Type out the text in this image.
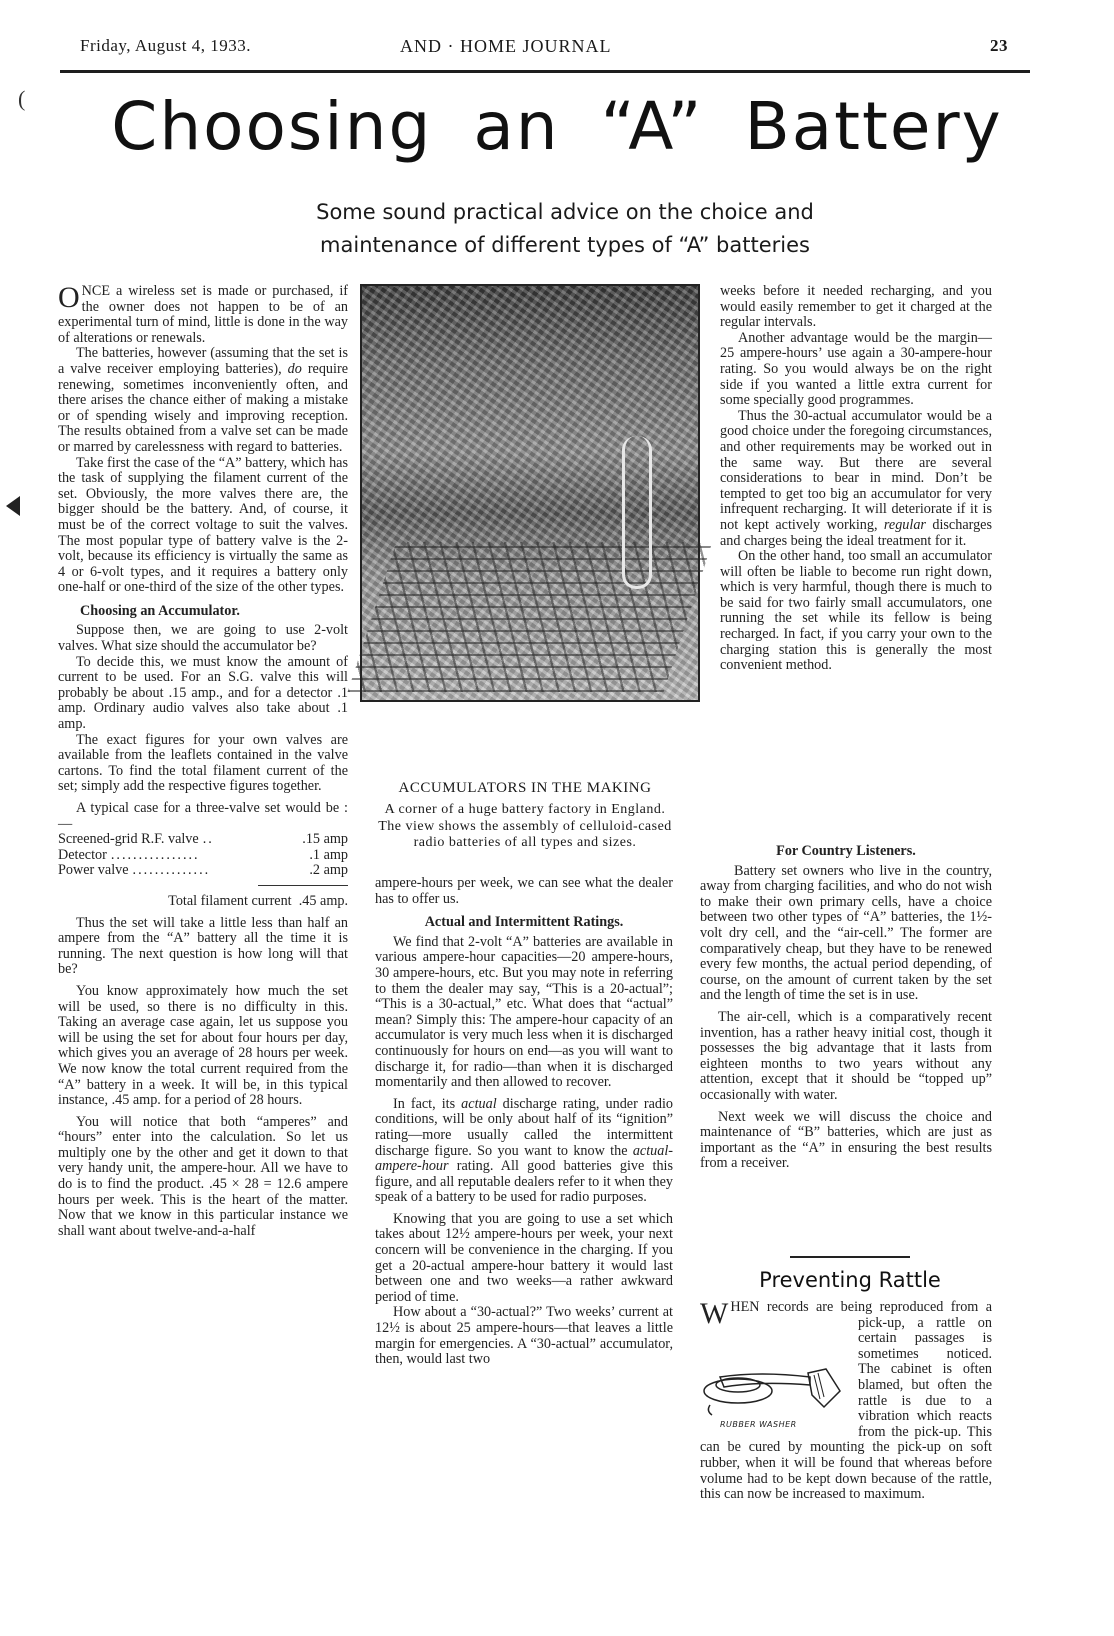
Friday, August 4, 1933.	AND · HOME JOURNAL	23
(	Choosing an “A” Battery
Some sound practical advice on the choice and
maintenance of different types of “A” batteries

ONCE a wireless set is made or purchased, if the owner does not happen to be of an experimental turn of mind, little is done in the way of alterations or renewals.

The batteries, however (assuming that the set is a valve receiver employing batteries), do require renewing, sometimes inconveniently often, and there arises the chance either of making a mistake or of spending wisely and improving reception. The results obtained from a valve set can be made or marred by carelessness with regard to batteries.

Take first the case of the “A” battery, which has the task of supplying the filament current of the set. Obviously, the more valves there are, the bigger should be the battery. And, of course, it must be of the correct voltage to suit the valves. The most popular type of battery valve is the 2-volt, because its efficiency is virtually the same as 4 or 6-volt types, and it requires a battery only one-half or one-third of the size of the other types.

Choosing an Accumulator.

Suppose then, we are going to use 2-volt valves. What size should the accumulator be?

To decide this, we must know the amount of current to be used. For an S.G. valve this will probably be about .15 amp., and for a detector .1 amp. Ordinary audio valves also take about .1 amp.

The exact figures for your own valves are available from the leaflets contained in the valve cartons. To find the total filament current of the set; simply add the respective figures together.

A typical case for a three-valve set would be :—

Screened-grid R.F. valve ..	.15 amp
Detector ................	.1 amp
Power valve ..............	.2 amp
Total filament current .45 amp.

Thus the set will take a little less than half an ampere from the “A” battery all the time it is running. The next question is how long will that be?

You know approximately how much the set will be used, so there is no difficulty in this. Taking an average case again, let us suppose you will be using the set for about four hours per day, which gives you an average of 28 hours per week. We now know the total current required from the “A” battery in a week. It will be, in this typical instance, .45 amp. for a period of 28 hours.

You will notice that both “amperes” and “hours” enter into the calculation. So let us multiply one by the other and get it down to that very handy unit, the ampere-hour. All we have to do is to find the product. .45 × 28 = 12.6 ampere hours per week. This is the heart of the matter. Now that we know in this particular instance we shall want about twelve-and-a-half

ACCUMULATORS IN THE MAKING
A corner of a huge battery factory in England. The view shows the assembly of celluloid-cased radio batteries of all types and sizes.

ampere-hours per week, we can see what the dealer has to offer us.

Actual and Intermittent Ratings.

We find that 2-volt “A” batteries are available in various ampere-hour capacities—20 ampere-hours, 30 ampere-hours, etc. But you may note in referring to them the dealer may say, “This is a 20-actual”; “This is a 30-actual,” etc. What does that “actual” mean? Simply this: The ampere-hour capacity of an accumulator is very much less when it is discharged continuously for hours on end—as you will want to discharge it, for radio—than when it is discharged momentarily and then allowed to recover.

In fact, its actual discharge rating, under radio conditions, will be only about half of its “ignition” rating—more usually called the intermittent discharge figure. So you want to know the actual-ampere-hour rating. All good batteries give this figure, and all reputable dealers refer to it when they speak of a battery to be used for radio purposes.

Knowing that you are going to use a set which takes about 12½ ampere-hours per week, your next concern will be convenience in the charging. If you get a 20-actual ampere-hour battery it would last between one and two weeks—a rather awkward period of time.

How about a “30-actual?” Two weeks’ current at 12½ is about 25 ampere-hours—that leaves a little margin for emergencies. A “30-actual” accumulator, then, would last two

weeks before it needed recharging, and you would easily remember to get it charged at the regular intervals.

Another advantage would be the margin—25 ampere-hours’ use again a 30-ampere-hour rating. So you would always be on the right side if you wanted a little extra current for some specially good programmes.

Thus the 30-actual accumulator would be a good choice under the foregoing circumstances, and other requirements may be worked out in the same way. But there are several considerations to bear in mind. Don’t be tempted to get too big an accumulator for very infrequent recharging. It will deteriorate if it is not kept actively working, regular discharges and charges being the ideal treatment for it.

On the other hand, too small an accumulator will often be liable to become run right down, which is very harmful, though there is much to be said for two fairly small accumulators, one running the set while its fellow is being recharged. In fact, if you carry your own to the charging station this is generally the most convenient method.

For Country Listeners.

Battery set owners who live in the country, away from charging facilities, and who do not wish to make their own primary cells, have a choice between two other types of “A” batteries, the 1½-volt dry cell, and the “air-cell.” The former are comparatively cheap, but they have to be renewed every few months, the actual period depending, of course, on the amount of current taken by the set and the length of time the set is in use.

The air-cell, which is a comparatively recent invention, has a rather heavy initial cost, though it possesses the big advantage that it lasts from eighteen months to two years without any attention, except that it should be “topped up” occasionally with water.

Next week we will discuss the choice and maintenance of “B” batteries, which are just as important as the “A” in ensuring the best results from a receiver.

Preventing Rattle

W
RUBBER WASHER
HEN records are being reproduced from a pick-up, a rattle on certain passages is sometimes noticed. The cabinet is often blamed, but often the rattle is due to a vibration which reacts from the pick-up. This can be cured by mounting the pick-up on soft rubber, when it will be found that whereas before volume had to be kept down because of the rattle, this can now be increased to maximum.
